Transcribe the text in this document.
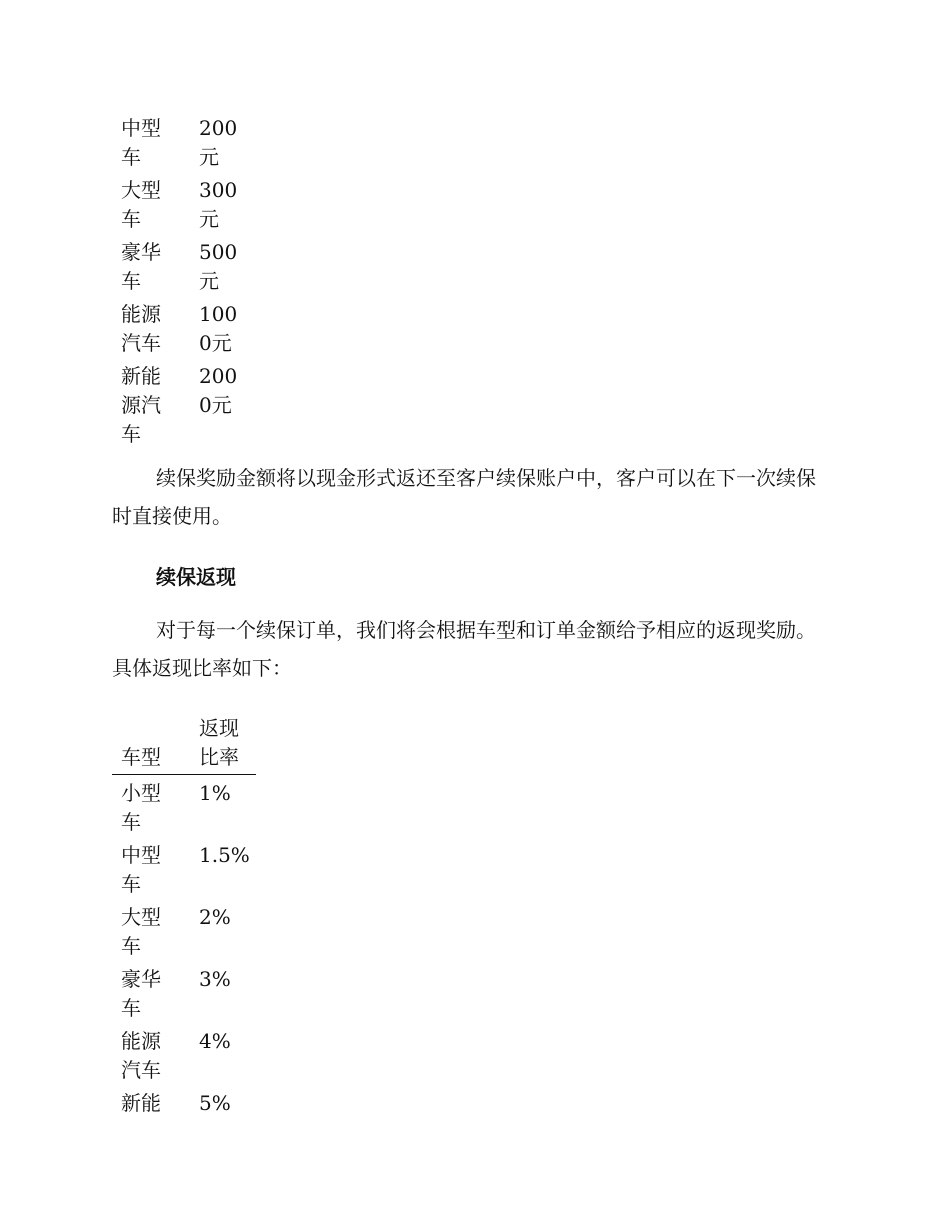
中型车
200元
大型车
300元
豪华车
500元
能源汽车
1000元
新能源汽车
2000元

续保奖励金额将以现金形式返还至客户续保账户中，客户可以在下一次续保时直接使用。

续保返现

对于每一个续保订单，我们将会根据车型和订单金额给予相应的返现奖励。具体返现比率如下：

车型
返现比率
小型车
1%
中型车
1.5%
大型车
2%
豪华车
3%
能源汽车
4%
新能 5%
